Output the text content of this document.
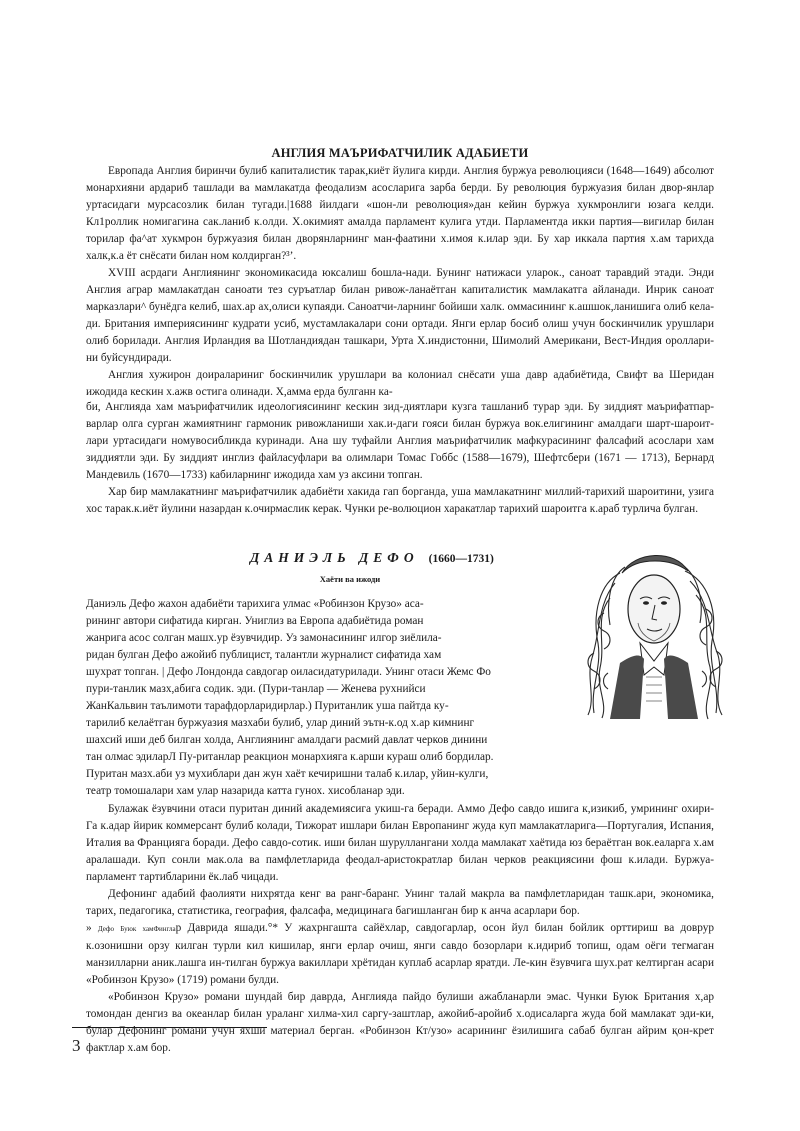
АНГЛИЯ МАЪРИФАТЧИЛИК АДАБИЕТИ

Европада Англия биринчи булиб капиталистик тарак,киёт йулига кирди. Англия буржуа революцияси (1648—1649) абсолют монархияни ардариб ташлади ва мамлакатда феодализм асосларига зарба берди. Бу революция буржуазия билан двор-янлар уртасидаги мурсасозлик билан тугади.|1688 йилдаги «шон-ли революция»дан кейин буржуа хукмронлиги юзага келди. Кл1роллик номигагина сак.ланиб к.олди. Х.окимият амалда парламент кулига утди. Парламентда икки партия—вигилар билан торилар фа^ат хукмрон буржуазия билан дворянларнинг ман-фаатини х.имоя к.илар эди. Бу хар иккала партия х.ам тарихда халк,к.а ёт снёсати билан ном колдирган?³’.

XVIII асрдаги Англиянинг экономикасида юксалиш бошла-нади. Бунинг натижаси уларок., саноат таравдий этади. Энди Англия аграр мамлакатдан саноати тез суръатлар билан ривож-ланаётган капиталистик мамлакатга айланади. Инрик саноат марказлари^ бунёдга келиб, шах.ар ах,олиси купаяди. Саноатчи-ларнинг бойиши халк. оммасининг к.ашшок,ланишига олиб кела-ди. Британия империясининг кудрати усиб, мустамлакалари сони ортади. Янги ерлар босиб олиш учун боскинчилик урушлари олиб борилади. Англия Ирландия ва Шотландиядан ташкари, Урта Х.индистонни, Шимолий Американи, Вест-Индия ороллари-ни буйсундиради.

Англия хужирон доиралариниг боскинчилик урушлари ва колониал снёсати уша давр адабиётида, Свифт ва Шеридан ижодида кескин х.ажв остига олинади. Х,амма ерда булганн ка-

би, Англияда хам маърифатчилик идеологиясининг кескин зид-диятлари кузга ташланиб турар эди. Бу зиддият маърифатпар-варлар олга сурган жамиятнинг гармоник ривожланиши хак.и-даги гояси билан буржуа вок.елигининг амалдаги шарт-шароит-лари уртасидаги номувосибликда куринади. Ана шу туфайли Англия маърифатчилик мафкурасининг фалсафий асослари хам зиддиятли эди. Бу зиддият инглиз файласуфлари ва олимлари Томас Гоббс (1588—1679), Шефтсбери (1671 — 1713), Бернард Мандевиль (1670—1733) кабиларнинг ижодида хам уз аксини топган.

Хар бир мамлакатнинг маърифатчилик адабиёти хакида гап борганда, уша мамлакатнинг миллий-тарихий шароитини, узига хос тарак.к.иёт йулини назардан к.очирмаслик керак. Чунки ре-волюцион харакатлар тарихий шароитга к.араб турлича булган.

ДАНИЭЛЬ ДЕФО (1660—1731)
Хаёти ва ижоди

Даниэль Дефо жахон адабиёти тарихига улмас «Робинзон Крузо» аса-

рининг автори сифатида кирган. Униглиз ва Европа адабиётида роман

жанрига асос солган машх.ур ёзувчидир. Уз замонасининг илгор зиёлила-

ридан булган Дефо ажойиб публицист, талантли журналист сифатида хам

шухрат топган. | Дефо Лондонда савдогар оиласидатурилади. Унинг отаси Жемс Фо

пури-танлик мазх,абига содик. эди. (Пури-танлар — Женева рухнийси

ЖанКальвин таълимоти тарафдорларидирлар.) Пуританлик уша пайтда ку-

тарилиб келаётган буржуазия мазхаби булиб, улар диний эътн-к.од х.ар кимнинг

шахсий иши деб билган холда, Англиянинг амалдаги расмий давлат черков динини

тан олмас эдиларЛ Пу-ританлар реакцион монархияга к.арши кураш олиб бордилар.

Пуритан мазх.аби уз мухиблари дан жун хаёт кечиришни талаб к.илар, уйин-кулги,

театр томошалари хам улар назарида катта гунох. хисобланар эди.

Булажак ёзувчини отаси пуритан диний академиясига укиш-га беради. Аммо Дефо савдо ишига к,изикиб, умрининг охири-Га к.адар йирик коммерсант булиб колади, Тижорат ишлари билан Европанинг жуда куп мамлакатларига—Португалия, Испания, Италия ва Францияга боради. Дефо савдо-сотик. иши билан шуруллангани холда мамлакат хаётида юз бераётган вок.еаларга х.ам аралашади. Куп сонли мак.ола ва памфлетларида феодал-аристократлар билан черков реакциясини фош к.илади. Буржуа-парламент тартибларини ёк.лаб чицади.

Дефонинг адабий фаолияти нихрятда кенг ва ранг-баранг. Унинг талай макрла ва памфлетларидан ташк.ари, экономика, тарих, педагогика, статистика, география, фалсафа, медицинага багишланган бир к анча асарлари бор.

» Дефо Буюк хамФинглар Даврида яшади.°* У жахрнгашта сайёхлар, савдогарлар, осон йул билан бойлик орттириш ва доврур к.озонишни орзу килган турли кил кишилар, янги ерлар очиш, янги савдо бозорлари к.идириб топиш, одам оёги тегмаган манзилларни аник.лашга ин-тилган буржуа вакиллари хрётидан куплаб асарлар яратди. Ле-кин ёзувчига шух.рат келтирган асари «Робинзон Крузо» (1719) романи булди.

«Робинзон Крузо» романи шундай бир даврда, Англияда пайдо булиши ажабланарли эмас. Чунки Буюк Британия х,ар томондан денгиз ва океанлар билан ураланг хилма-хил саргу-заштлар, ажойиб-аройиб х.одисаларга жуда бой мамлакат эди-ки, булар Дефонинг романи учун яхши материал берган. «Робинзон Кт/узо» асарининг ёзилишига сабаб булган айрим қон-крет фактлар х.ам бор.

3
